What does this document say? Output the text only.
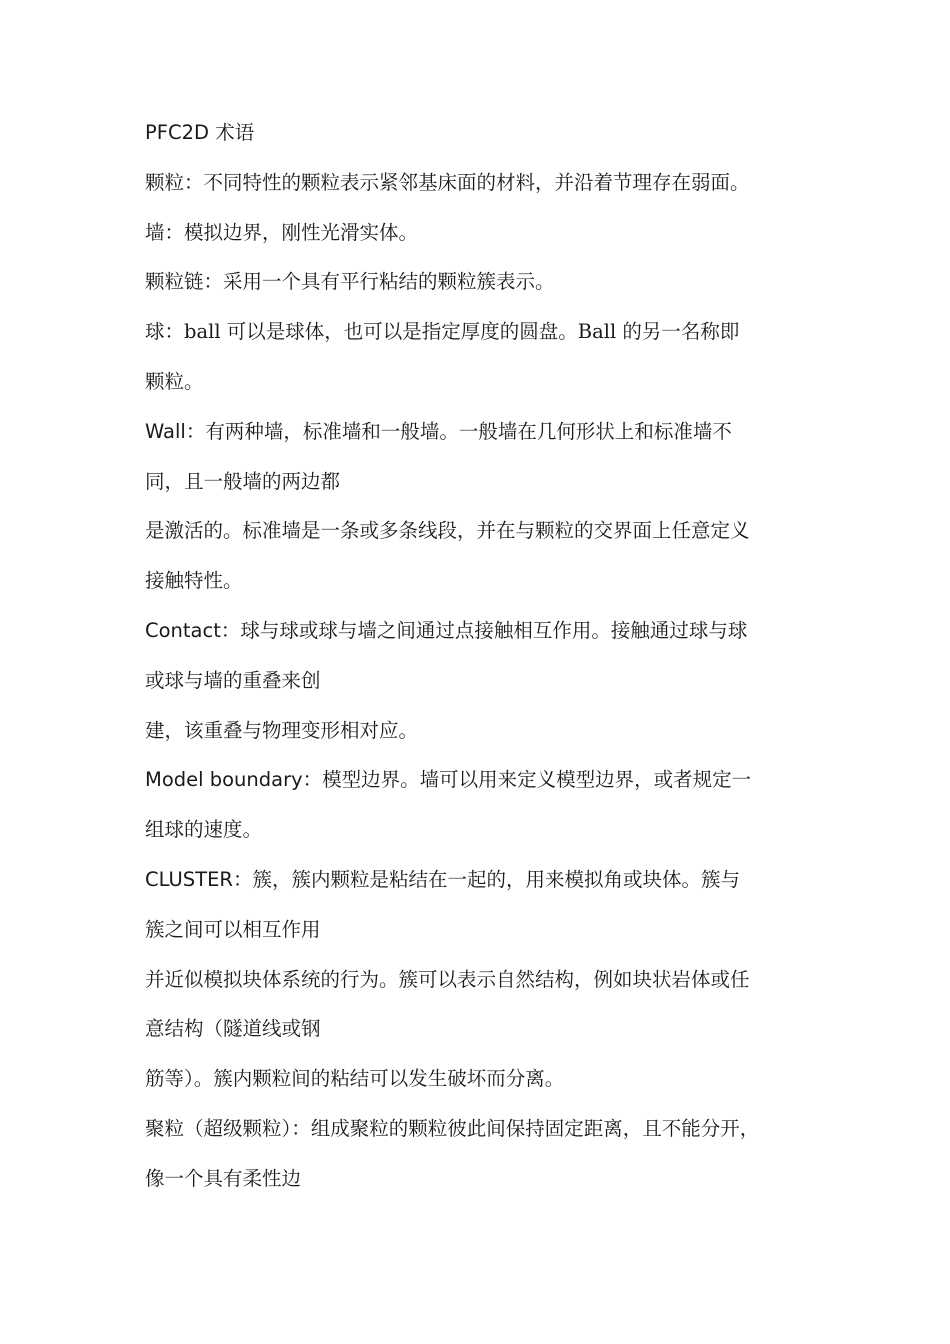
PFC2D 术语
颗粒：不同特性的颗粒表示紧邻基床面的材料，并沿着节理存在弱面。
墙：模拟边界，刚性光滑实体。
颗粒链：采用一个具有平行粘结的颗粒簇表示。
球：ball 可以是球体，也可以是指定厚度的圆盘。Ball 的另一名称即
颗粒。
Wall：有两种墙，标准墙和一般墙。一般墙在几何形状上和标准墙不
同，且一般墙的两边都
是激活的。标准墙是一条或多条线段，并在与颗粒的交界面上任意定义
接触特性。
Contact：球与球或球与墙之间通过点接触相互作用。接触通过球与球
或球与墙的重叠来创
建，该重叠与物理变形相对应。
Model boundary：模型边界。墙可以用来定义模型边界，或者规定一
组球的速度。
CLUSTER：簇，簇内颗粒是粘结在一起的，用来模拟角或块体。簇与
簇之间可以相互作用
并近似模拟块体系统的行为。簇可以表示自然结构，例如块状岩体或任
意结构（隧道线或钢
筋等）。簇内颗粒间的粘结可以发生破坏而分离。
聚粒（超级颗粒）：组成聚粒的颗粒彼此间保持固定距离，且不能分开，
像一个具有柔性边
